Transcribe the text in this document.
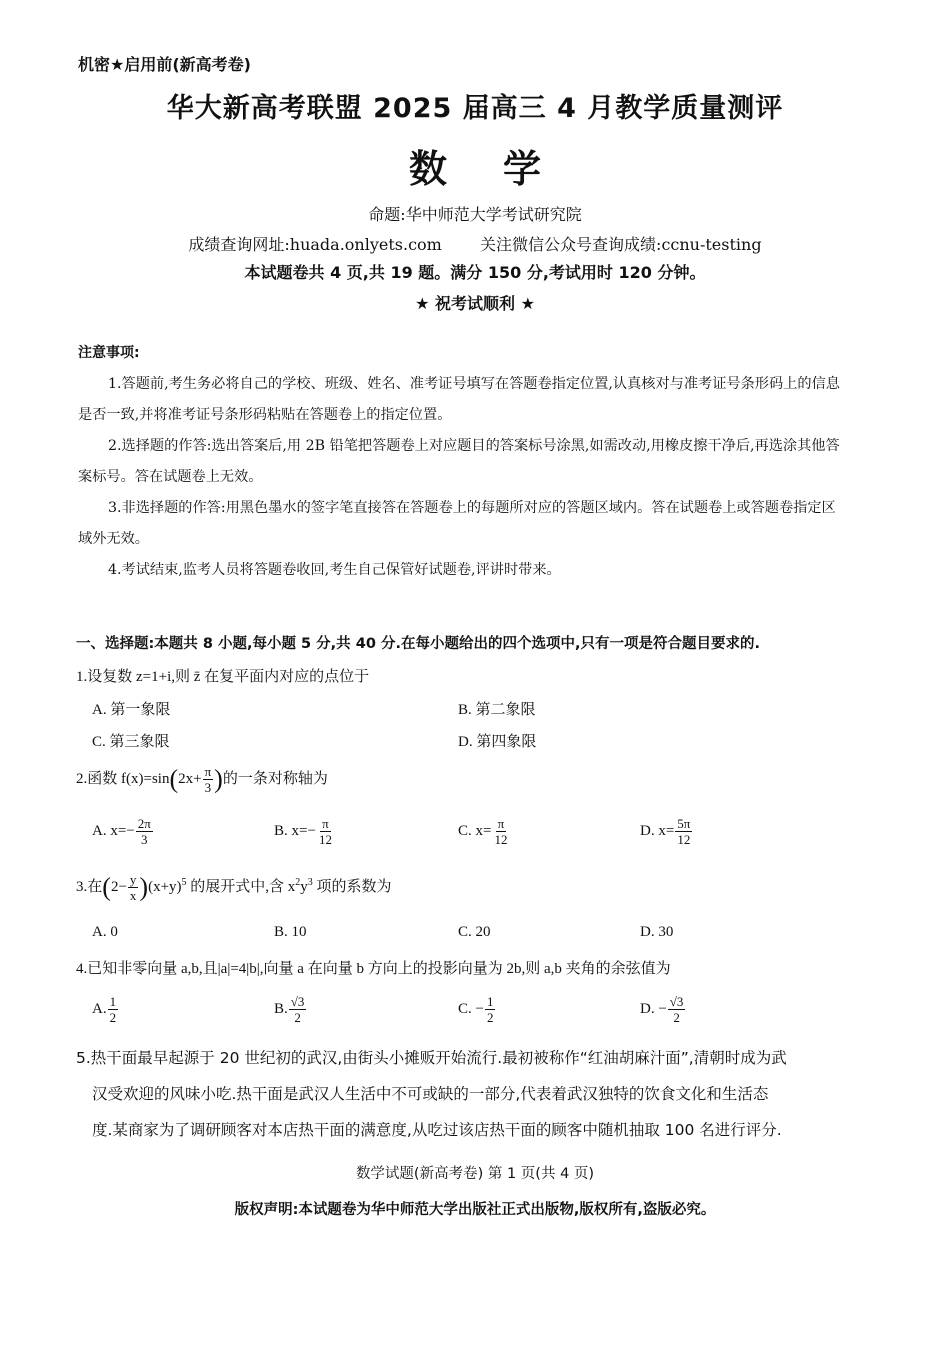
机密★启用前(新高考卷)
华大新高考联盟 2025 届高三 4 月教学质量测评
数学
命题:华中师范大学考试研究院
成绩查询网址:huada.onlyets.com 关注微信公众号查询成绩:ccnu-testing
本试题卷共 4 页,共 19 题。满分 150 分,考试用时 120 分钟。
★ 祝考试顺利 ★
注意事项:

1.答题前,考生务必将自己的学校、班级、姓名、准考证号填写在答题卷指定位置,认真核对与准考证号条形码上的信息是否一致,并将准考证号条形码粘贴在答题卷上的指定位置。

2.选择题的作答:选出答案后,用 2B 铅笔把答题卷上对应题目的答案标号涂黑,如需改动,用橡皮擦干净后,再选涂其他答案标号。答在试题卷上无效。

3.非选择题的作答:用黑色墨水的签字笔直接答在答题卷上的每题所对应的答题区域内。答在试题卷上或答题卷指定区域外无效。

4.考试结束,监考人员将答题卷收回,考生自己保管好试题卷,评讲时带来。

一、选择题:本题共 8 小题,每小题 5 分,共 40 分.在每小题给出的四个选项中,只有一项是符合题目要求的.
1.设复数 z=1+i,则 z̄ 在复平面内对应的点位于
A. 第一象限	B. 第二象限
C. 第三象限	D. 第四象限
2.函数 $f(x)=\sin(2x+ \frac{\pi}{3}$ )的一条对称轴为
A. $x=- \frac{2\pi}{3}$	B. $x=- \frac{\pi}{12}$	C. $x= \frac{\pi}{12}$	D. $x= \frac{5\pi}{12}$
3.在$(2- \frac{y}{x} )(x+y)^5$ 的展开式中,含 $x^2y^3$ 项的系数为
A. 0	B. 10	C. 20	D. 30
4.已知非零向量 a,b,且|a|=4|b|,向量 a 在向量 b 方向上的投影向量为 2b,则 a,b 夹角的余弦值为
A. $\frac{1}{2}$	B. $\frac{√3}{2}$	C. − $\frac{1}{2}$	D. − $\frac{√3}{2}$

5.热干面最早起源于 20 世纪初的武汉,由街头小摊贩开始流行.最初被称作“红油胡麻汁面”,清朝时成为武

汉受欢迎的风味小吃.热干面是武汉人生活中不可或缺的一部分,代表着武汉独特的饮食文化和生活态

度.某商家为了调研顾客对本店热干面的满意度,从吃过该店热干面的顾客中随机抽取 100 名进行评分.

数学试题(新高考卷) 第 1 页(共 4 页)
版权声明:本试题卷为华中师范大学出版社正式出版物,版权所有,盗版必究。
